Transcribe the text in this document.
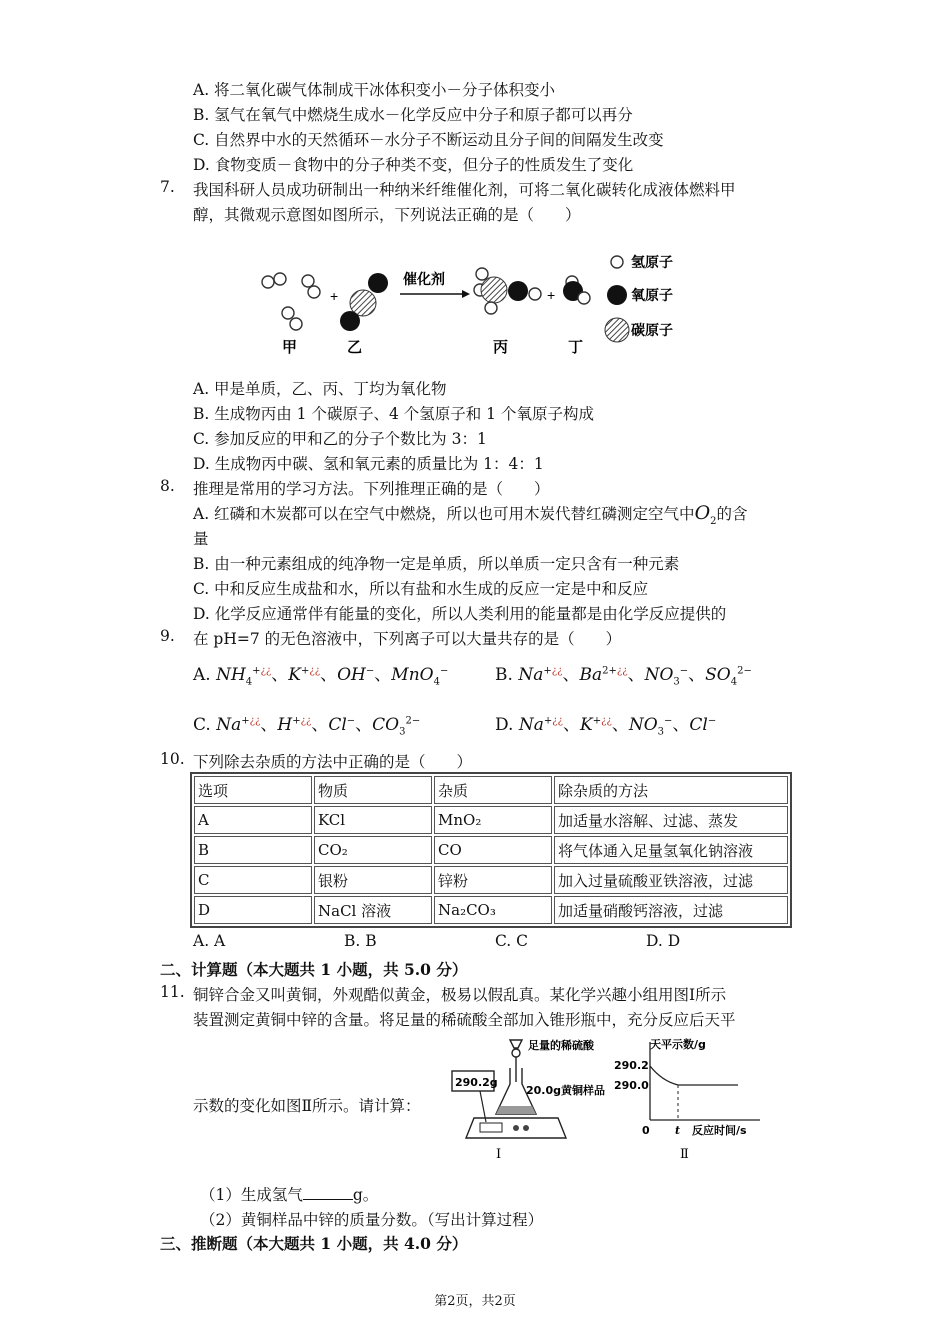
A. 将二氧化碳气体制成干冰体积变小－分子体积变小
B. 氢气在氧气中燃烧生成水－化学反应中分子和原子都可以再分
C. 自然界中水的天然循环－水分子不断运动且分子间的间隔发生改变
D. 食物变质－食物中的分子种类不变，但分子的性质发生了变化
7. 我国科研人员成功研制出一种纳米纤维催化剂，可将二氧化碳转化成液体燃料甲
醇，其微观示意图如图所示，下列说法正确的是（　　）
+
催化剂
+
甲	乙	丙	丁
氢原子
氧原子
碳原子
A. 甲是单质，乙、丙、丁均为氧化物
B. 生成物丙由 1 个碳原子、4 个氢原子和 1 个氧原子构成
C. 参加反应的甲和乙的分子个数比为 3：1
D. 生成物丙中碳、氢和氧元素的质量比为 1：4：1
8. 推理是常用的学习方法。下列推理正确的是（　　）
A. 红磷和木炭都可以在空气中燃烧，所以也可用木炭代替红磷测定空气中$O_2$的含
量
B. 由一种元素组成的纯净物一定是单质，所以单质一定只含有一种元素
C. 中和反应生成盐和水，所以有盐和水生成的反应一定是中和反应
D. 化学反应通常伴有能量的变化，所以人类利用的能量都是由化学反应提供的
9. 在 pH=7 的无色溶液中，下列离子可以大量共存的是（　　）
A. $NH_4^{+¿¿}$、K+¿¿、OH−、MnO$_4$−	B. Na+¿¿、$Ba^{2+¿¿}$、$NO_3^-$、$SO_4^{2-}$
C. Na+¿¿、H+¿¿、Cl−、$CO_3^{2-}$	D. Na+¿¿、K+¿¿、$NO_3^-$、Cl−
10. 下列除去杂质的方法中正确的是（　　）
选项	物质	杂质	除杂质的方法
A	KCl	MnO₂	加适量水溶解、过滤、蒸发
B	CO₂	CO	将气体通入足量氢氧化钠溶液
C	银粉	锌粉	加入过量硫酸亚铁溶液，过滤
D	NaCl 溶液	Na₂CO₃	加适量硝酸钙溶液，过滤
A. A	B. B	C. C	D. D
二、计算题（本大题共 1 小题，共 5.0 分）
11. 铜锌合金又叫黄铜，外观酷似黄金，极易以假乱真。某化学兴趣小组用图Ⅰ所示
装置测定黄铜中锌的含量。将足量的稀硫酸全部加入锥形瓶中，充分反应后天平
示数的变化如图Ⅱ所示。请计算：
足量的稀硫酸
20.0g黄铜样品
290.2g
Ⅰ
天平示数/g
290.2
290.0
0 t 反应时间/s
Ⅱ
（1）生成氢气	g。
（2）黄铜样品中锌的质量分数。（写出计算过程）
三、推断题（本大题共 1 小题，共 4.0 分）
第2页，共2页
